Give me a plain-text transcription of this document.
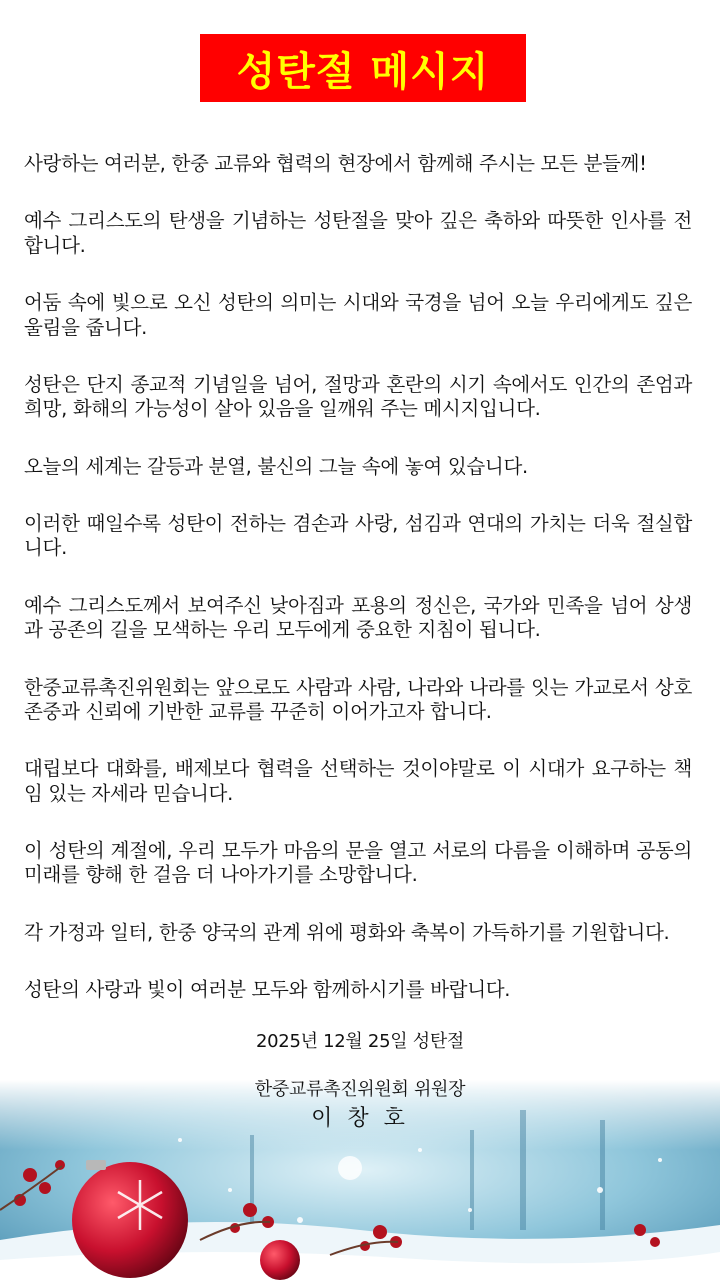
성탄절 메시지

사랑하는 여러분, 한중 교류와 협력의 현장에서 함께해 주시는 모든 분들께!

예수 그리스도의 탄생을 기념하는 성탄절을 맞아 깊은 축하와 따뜻한 인사를 전합니다.

어둠 속에 빛으로 오신 성탄의 의미는 시대와 국경을 넘어 오늘 우리에게도 깊은 울림을 줍니다.

성탄은 단지 종교적 기념일을 넘어, 절망과 혼란의 시기 속에서도 인간의 존엄과 희망, 화해의 가능성이 살아 있음을 일깨워 주는 메시지입니다.

오늘의 세계는 갈등과 분열, 불신의 그늘 속에 놓여 있습니다.

이러한 때일수록 성탄이 전하는 겸손과 사랑, 섬김과 연대의 가치는 더욱 절실합니다.

예수 그리스도께서 보여주신 낮아짐과 포용의 정신은, 국가와 민족을 넘어 상생과 공존의 길을 모색하는 우리 모두에게 중요한 지침이 됩니다.

한중교류촉진위원회는 앞으로도 사람과 사람, 나라와 나라를 잇는 가교로서 상호 존중과 신뢰에 기반한 교류를 꾸준히 이어가고자 합니다.

대립보다 대화를, 배제보다 협력을 선택하는 것이야말로 이 시대가 요구하는 책임 있는 자세라 믿습니다.

이 성탄의 계절에, 우리 모두가 마음의 문을 열고 서로의 다름을 이해하며 공동의 미래를 향해 한 걸음 더 나아가기를 소망합니다.

각 가정과 일터, 한중 양국의 관계 위에 평화와 축복이 가득하기를 기원합니다.

성탄의 사랑과 빛이 여러분 모두와 함께하시기를 바랍니다.

2025년 12월 25일 성탄절
한중교류촉진위원회 위원장
이 창 호
